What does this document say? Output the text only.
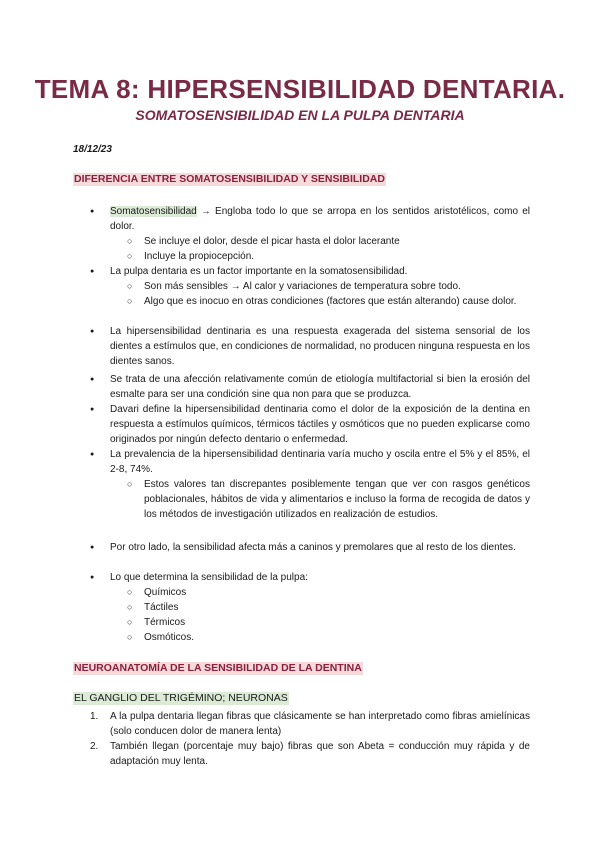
TEMA 8: HIPERSENSIBILIDAD DENTARIA.
SOMATOSENSIBILIDAD EN LA PULPA DENTARIA
18/12/23
DIFERENCIA ENTRE SOMATOSENSIBILIDAD Y SENSIBILIDAD

● Somatosensibilidad → Engloba todo lo que se arropa en los sentidos aristotélicos, como el dolor.

○ Se incluye el dolor, desde el picar hasta el dolor lacerante

○ Incluye la propiocepción.

● La pulpa dentaria es un factor importante en la somatosensibilidad.

○ Son más sensibles → Al calor y variaciones de temperatura sobre todo.

○ Algo que es inocuo en otras condiciones (factores que están alterando) cause dolor.

● La hipersensibilidad dentinaria es una respuesta exagerada del sistema sensorial de los dientes a estímulos que, en condiciones de normalidad, no producen ninguna respuesta en los dientes sanos.

● Se trata de una afección relativamente común de etiología multifactorial si bien la erosión del esmalte para ser una condición sine qua non para que se produzca.

● Davari define la hipersensibilidad dentinaria como el dolor de la exposición de la dentina en respuesta a estímulos químicos, térmicos táctiles y osmóticos que no pueden explicarse como originados por ningún defecto dentario o enfermedad.

● La prevalencia de la hipersensibilidad dentinaria varía mucho y oscila entre el 5% y el 85%, el 2-8, 74%.

○ Estos valores tan discrepantes posiblemente tengan que ver con rasgos genéticos poblacionales, hábitos de vida y alimentarios e incluso la forma de recogida de datos y los métodos de investigación utilizados en realización de estudios.

● Por otro lado, la sensibilidad afecta más a caninos y premolares que al resto de los dientes.

● Lo que determina la sensibilidad de la pulpa:

○ Químicos

○ Táctiles

○ Térmicos

○ Osmóticos.

NEUROANATOMÍA DE LA SENSIBILIDAD DE LA DENTINA
EL GANGLIO DEL TRIGÉMINO; NEURONAS

1. A la pulpa dentaria llegan fibras que clásicamente se han interpretado como fibras amielínicas (solo conducen dolor de manera lenta)

2. También llegan (porcentaje muy bajo) fibras que son Abeta = conducción muy rápida y de adaptación muy lenta.
